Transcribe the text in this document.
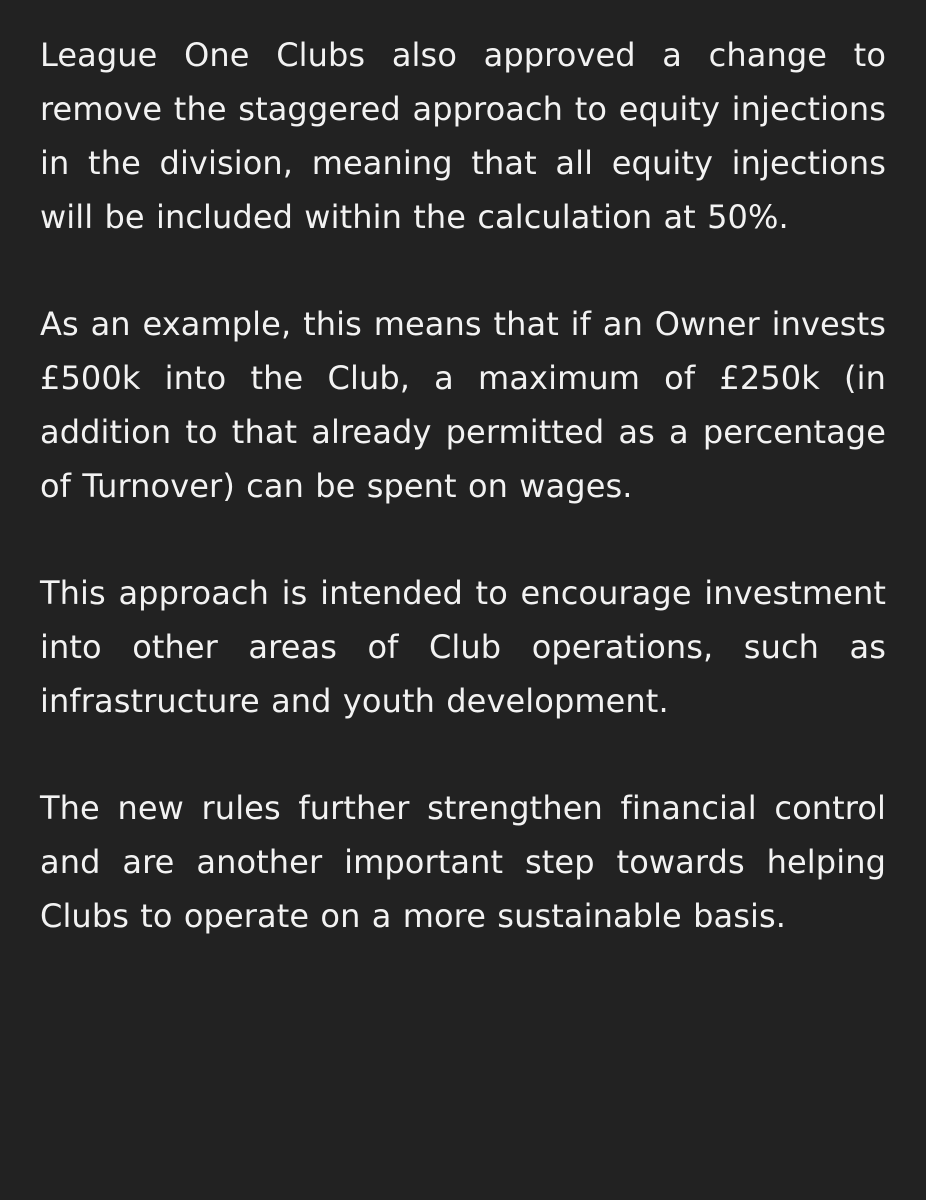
League One Clubs also approved a change to remove the staggered approach to equity injections in the division, meaning that all equity injections will be included within the calculation at 50%.

As an example, this means that if an Owner invests £500k into the Club, a maximum of £250k (in addition to that already permitted as a percentage of Turnover) can be spent on wages.

This approach is intended to encourage investment into other areas of Club operations, such as infrastructure and youth development.

The new rules further strengthen financial control and are another important step towards helping Clubs to operate on a more sustainable basis.
